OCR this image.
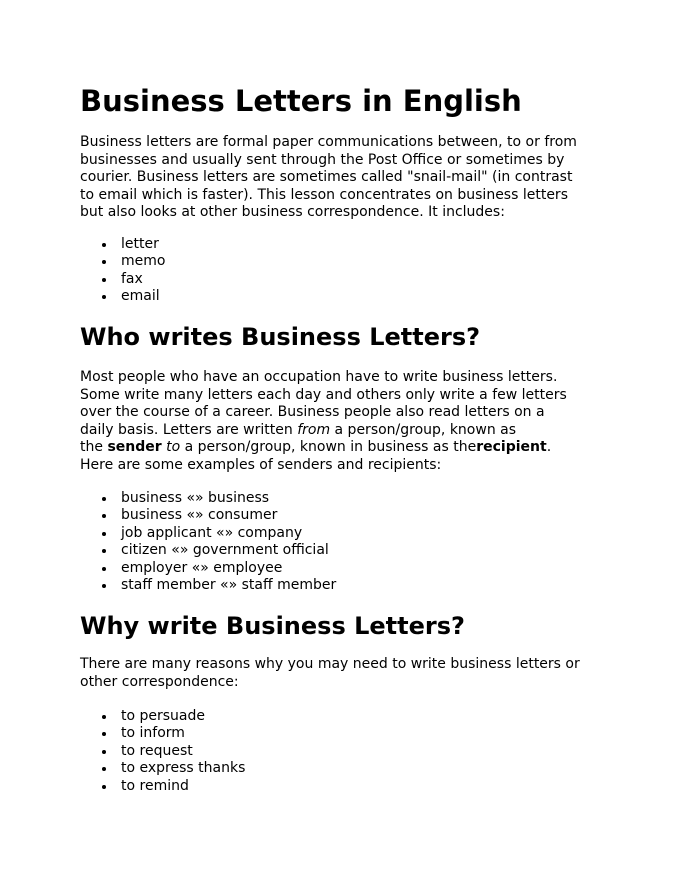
Business Letters in English

Business letters are formal paper communications between, to or from

businesses and usually sent through the Post Office or sometimes by

courier. Business letters are sometimes called "snail-mail" (in contrast

to email which is faster). This lesson concentrates on business letters

but also looks at other business correspondence. It includes:

letter
memo
fax
email
Who writes Business Letters?

Most people who have an occupation have to write business letters.

Some write many letters each day and others only write a few letters

over the course of a career. Business people also read letters on a

daily basis. Letters are written from a person/group, known as

the sender to a person/group, known in business as therecipient.

Here are some examples of senders and recipients:

business «» business
business «» consumer
job applicant «» company
citizen «» government official
employer «» employee
staff member «» staff member
Why write Business Letters?

There are many reasons why you may need to write business letters or

other correspondence:

to persuade
to inform
to request
to express thanks
to remind
